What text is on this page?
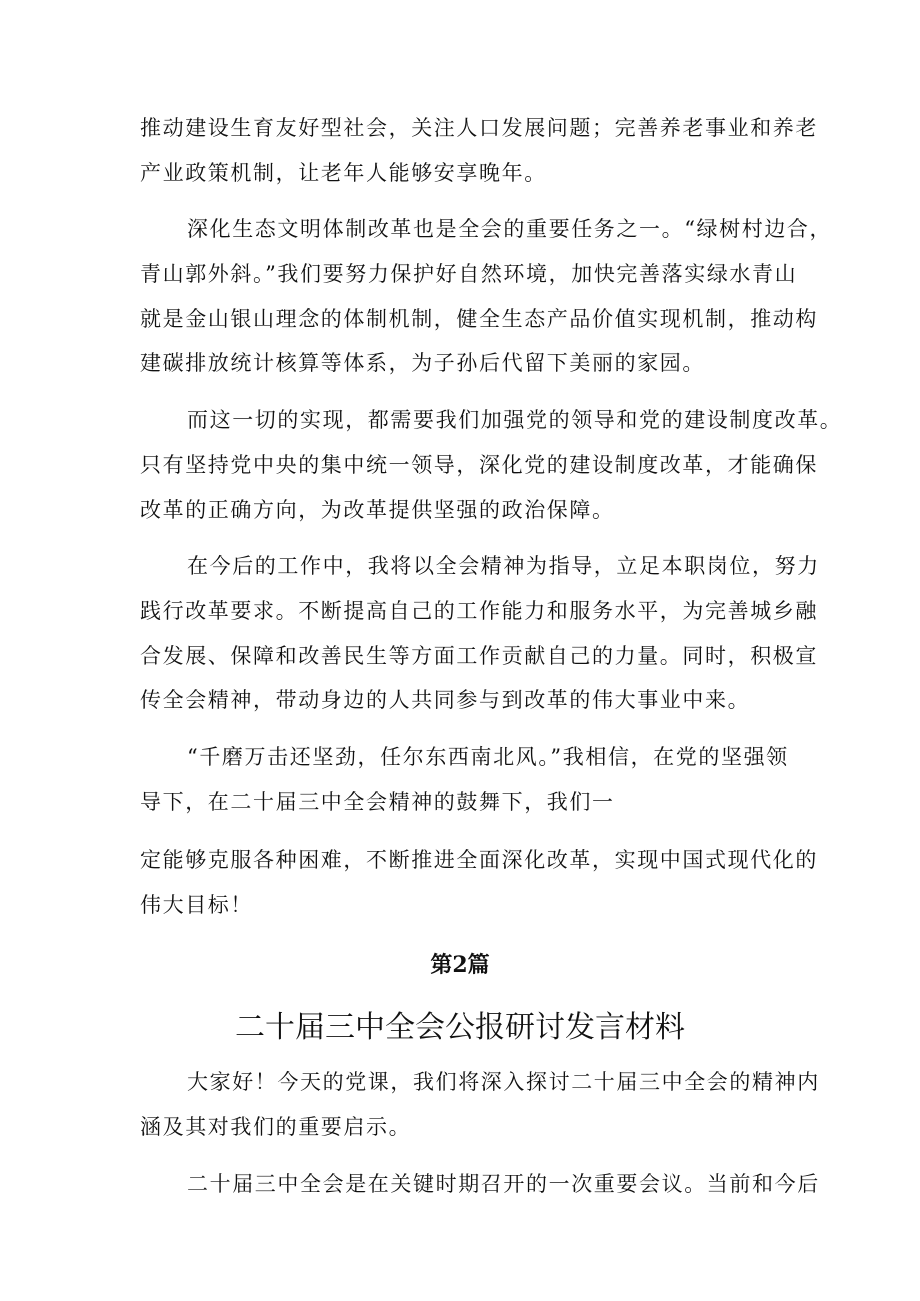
推动建设生育友好型社会，关注人口发展问题；完善养老事业和养老
产业政策机制，让老年人能够安享晚年。
深化生态文明体制改革也是全会的重要任务之一。“绿树村边合，
青山郭外斜。”我们要努力保护好自然环境，加快完善落实绿水青山
就是金山银山理念的体制机制，健全生态产品价值实现机制，推动构
建碳排放统计核算等体系，为子孙后代留下美丽的家园。
而这一切的实现，都需要我们加强党的领导和党的建设制度改革。
只有坚持党中央的集中统一领导，深化党的建设制度改革，才能确保
改革的正确方向，为改革提供坚强的政治保障。
在今后的工作中，我将以全会精神为指导，立足本职岗位，努力
践行改革要求。不断提高自己的工作能力和服务水平，为完善城乡融
合发展、保障和改善民生等方面工作贡献自己的力量。同时，积极宣
传全会精神，带动身边的人共同参与到改革的伟大事业中来。
“千磨万击还坚劲，任尔东西南北风。”我相信，在党的坚强领
导下，在二十届三中全会精神的鼓舞下，我们一
定能够克服各种困难，不断推进全面深化改革，实现中国式现代化的
伟大目标！
第2篇
二十届三中全会公报研讨发言材料
大家好！今天的党课，我们将深入探讨二十届三中全会的精神内
涵及其对我们的重要启示。
二十届三中全会是在关键时期召开的一次重要会议。当前和今后
